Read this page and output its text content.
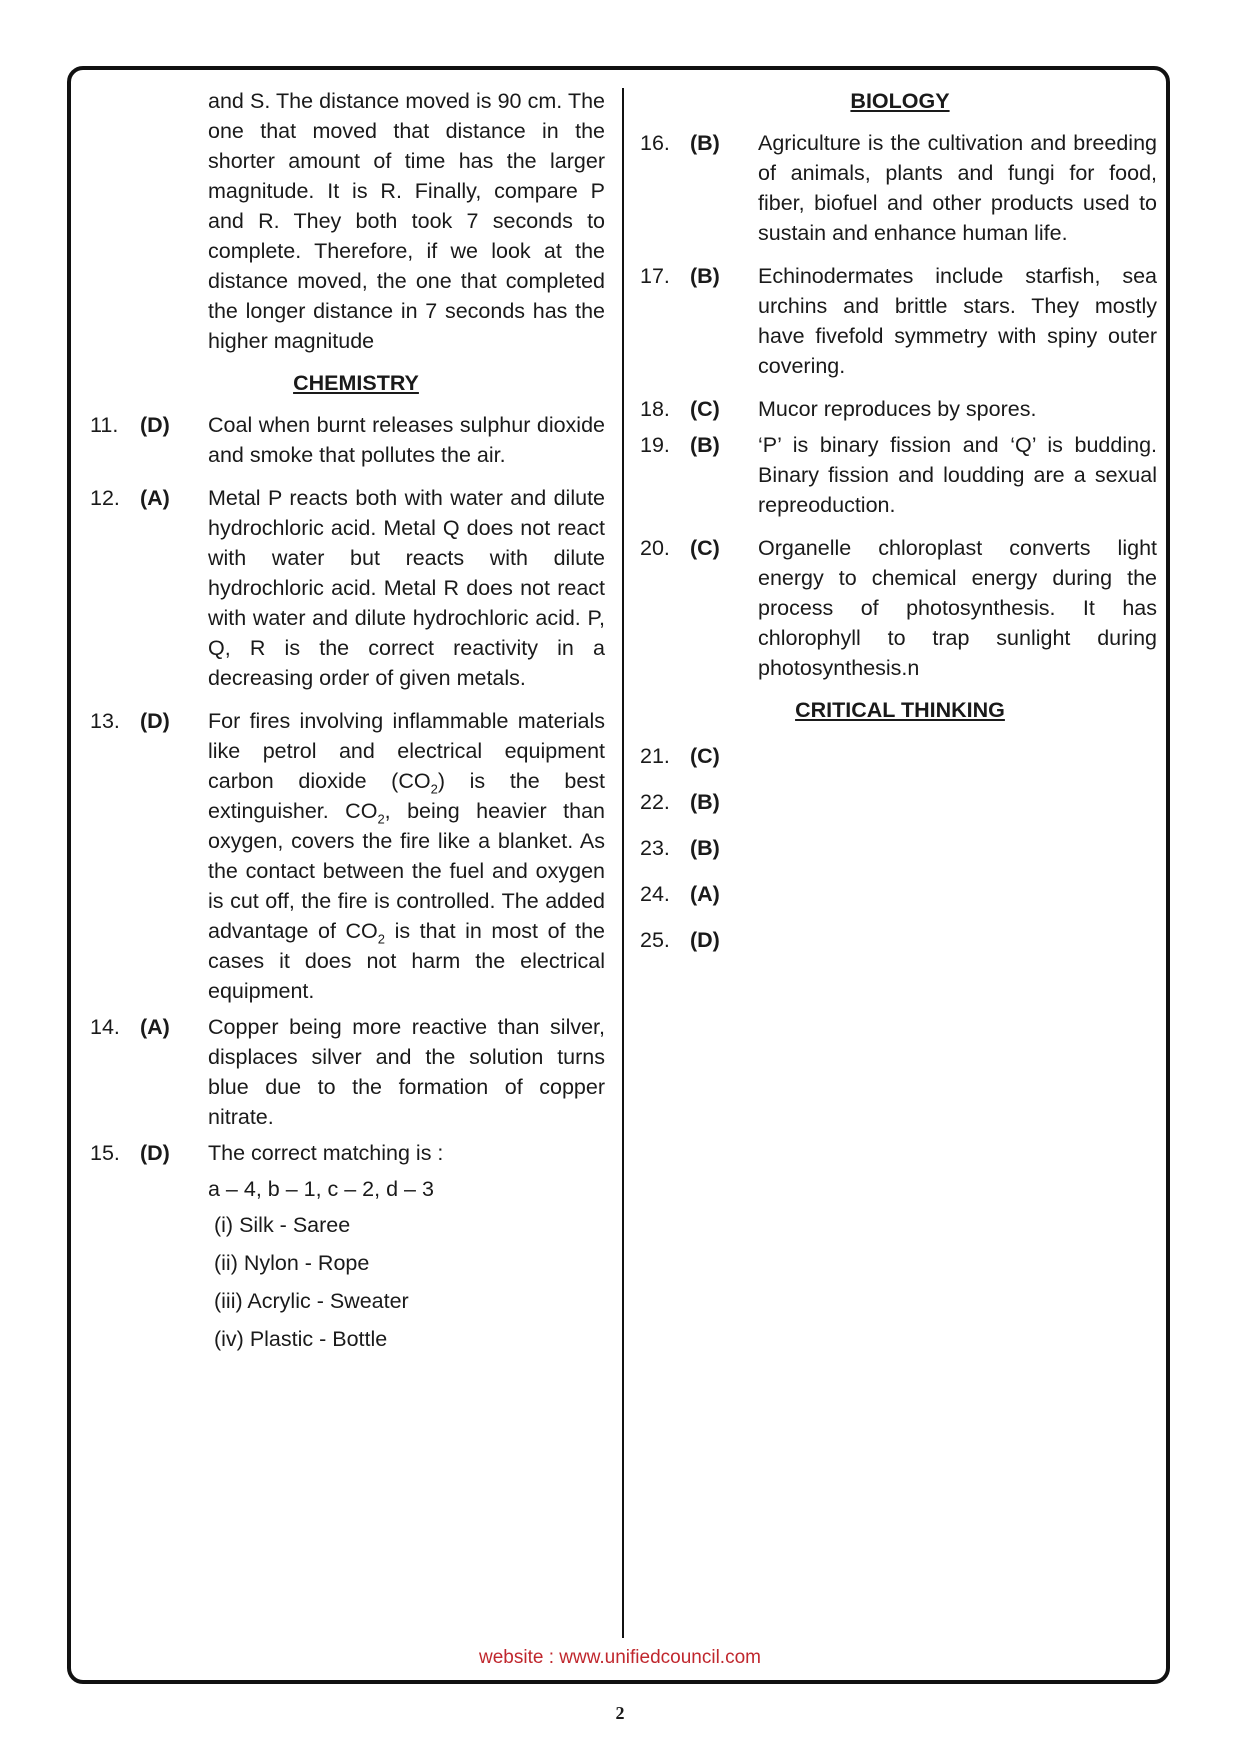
and S. The distance moved is 90 cm. The one that moved that distance in the shorter amount of time has the larger magnitude. It is R. Finally, compare P and R. They both took 7 seconds to complete. Therefore, if we look at the distance moved, the one that completed the longer distance in 7 seconds has the higher magnitude
CHEMISTRY
11.	(D)	Coal when burnt releases sulphur dioxide and smoke that pollutes the air.
12. (A)	Metal P reacts both with water and dilute hydrochloric acid. Metal Q does not react with water but reacts with dilute hydrochloric acid. Metal R does not react with water and dilute hydrochloric acid. P, Q, R is the correct reactivity in a decreasing order of given metals.
13. (D)	For fires involving inflammable materials like petrol and electrical equipment carbon dioxide $(CO_2)$ is the best extinguisher. $CO_2$, being heavier than oxygen, covers the fire like a blanket. As the contact between the fuel and oxygen is cut off, the fire is controlled. The added advantage of $CO_2$ is that in most of the cases it does not harm the electrical equipment.
14. (A)	Copper being more reactive than silver, displaces silver and the solution turns blue due to the formation of copper nitrate.
15. (D)	The correct matching is :
a – 4, b – 1, c – 2, d – 3
(i) Silk - Saree
(ii) Nylon - Rope
(iii) Acrylic - Sweater
(iv) Plastic - Bottle
BIOLOGY
16. (B)	Agriculture is the cultivation and breeding of animals, plants and fungi for food, fiber, biofuel and other products used to sustain and enhance human life.
17. (B)	Echinodermates include starfish, sea urchins and brittle stars. They mostly have fivefold symmetry with spiny outer covering.
18. (C)	Mucor reproduces by spores.
19. (B)	‘P’ is binary fission and ‘Q’ is budding. Binary fission and loudding are a sexual repreoduction.
20. (C)	Organelle chloroplast converts light energy to chemical energy during the process of photosynthesis. It has chlorophyll to trap sunlight during photosynthesis.n
CRITICAL THINKING
21. (C)
22. (B)
23. (B)
24. (A)
25. (D)
website : www.unifiedcouncil.com
2
